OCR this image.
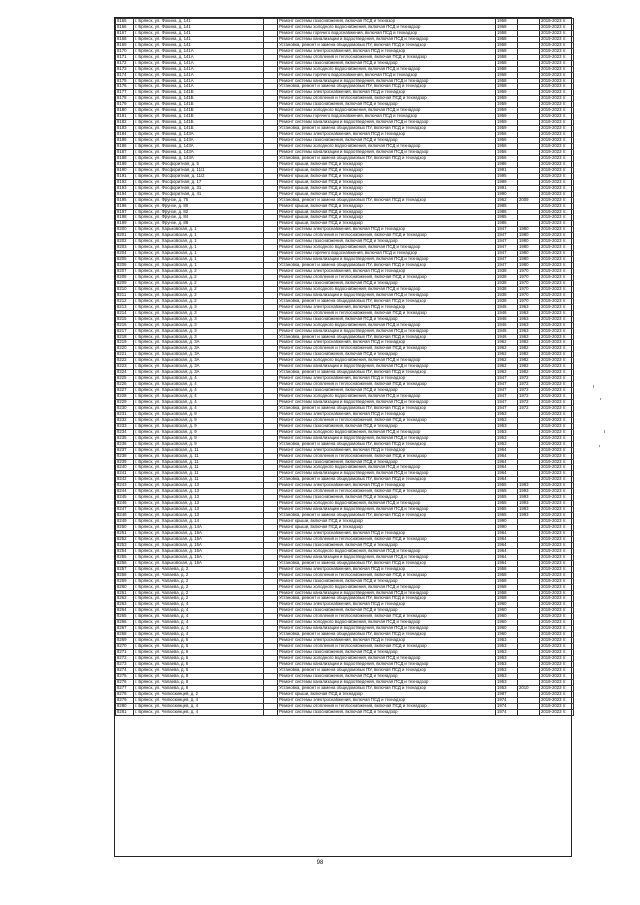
8165	г. Брянск, ул. Фокина, д. 141		Ремонт системы газоснабжения, включая ПСД и техназор	1958		2019-2023 гг.
8166	г. Брянск, ул. Фокина, д. 141		Ремонт системы холодного водоснабжения, включая ПСД и технадзор	1958		2019-2023 гг.
8167	г. Брянск, ул. Фокина, д. 141		Ремонт системы горячего водоснабжения, включая ПСД и технадзор	1958		2019-2023 гг.
8168	г. Брянск, ул. Фокина, д. 141		Ремонт системы канализации и водоотведения, включая ПСД и технадзор	1958		2019-2023 гг.
8169	г. Брянск, ул. Фокина, д. 141		Установка, ремонт и замена общедомовых ПУ, включая ПСД и технадзор	1958		2019-2023 гг.
8170	г. Брянск, ул. Фокина, д. 141А		Ремонт системы электроснабжения, включая ПСД и технадзор	1958		2019-2023 гг.
8171	г. Брянск, ул. Фокина, д. 141А		Ремонт системы отопления и теплоснабжения, включая ПСД и технадзор	1958		2019-2023 гг.
8172	г. Брянск, ул. Фокина, д. 141А		Ремонт системы газоснабжения, включая ПСД и технадзор	1958		2019-2023 гг.
8173	г. Брянск, ул. Фокина, д. 141А		Ремонт системы холодного водоснабжения, включая ПСД и технадзор	1958		2019-2023 гг.
8174	г. Брянск, ул. Фокина, д. 141А		Ремонт системы горячего водоснабжения, включая ПСД и технадзор	1958		2019-2023 гг.
8175	г. Брянск, ул. Фокина, д. 141А		Ремонт системы канализации и водоотведения, включая ПСД и технадзор	1958		2019-2023 гг.
8176	г. Брянск, ул. Фокина, д. 141А		Установка, ремонт и замена общедомовых ПУ, включая ПСД и технадзор	1958		2019-2023 гг.
8177	г. Брянск, ул. Фокина, д. 141Б		Ремонт системы электроснабжения, включая ПСД и технадзор	1959		2019-2023 гг.
8178	г. Брянск, ул. Фокина, д. 141Б		Ремонт системы отопления и теплоснабжения, включая ПСД и технадзор	1959		2019-2023 гг.
8179	г. Брянск, ул. Фокина, д. 141Б		Ремонт системы газоснабжения, включая ПСД и технадзор	1959		2019-2023 гг.
8180	г. Брянск, ул. Фокина, д. 141Б		Ремонт системы холодного водоснабжения, включая ПСД и технадзор	1959		2019-2023 гг.
8181	г. Брянск, ул. Фокина, д. 141Б		Ремонт системы горячего водоснабжения, включая ПСД и технадзор	1959		2019-2023 гг.
8182	г. Брянск, ул. Фокина, д. 141Б		Ремонт системы канализации и водоотведения, включая ПСД и технадзор	1959		2019-2023 гг.
8183	г. Брянск, ул. Фокина, д. 141Б		Установка, ремонт и замена общедомовых ПУ, включая ПСД и технадзор	1959		2019-2023 гг.
8184	г. Брянск, ул. Фокина, д. 143А		Ремонт системы электроснабжения, включая ПСД и технадзор	1956		2019-2023 гг.
8185	г. Брянск, ул. Фокина, д. 143А		Ремонт системы газоснабжения, включая ПСД и технадзор	1956		2019-2023 гг.
8186	г. Брянск, ул. Фокина, д. 143А		Ремонт системы холодного водоснабжения, включая ПСД и технадзор	1956		2019-2023 гг.
8187	г. Брянск, ул. Фокина, д. 143А		Ремонт системы канализации и водоотведения, включая ПСД и технадзор	1956		2019-2023 гг.
8188	г. Брянск, ул. Фокина, д. 143А		Установка, ремонт и замена общедомовых ПУ, включая ПСД и технадзор	1956		2019-2023 гг.
8189	г. Брянск, ул. Фосфоритная, д. 5		Ремонт крыши, включая ПСД и технадзор	1986		2019-2023 гг.
8190	г. Брянск, ул. Фосфоритная, д. 11/1		Ремонт крыши, включая ПСД и технадзор	1991		2019-2023 гг.
8191	г. Брянск, ул. Фосфоритная, д. 11/2		Ремонт крыши, включая ПСД и технадзор	1995		2019-2023 гг.
8192	г. Брянск, ул. Фосфоритная, д. 17		Ремонт крыши, включая ПСД и технадзор	1989		2019-2023 гг.
8193	г. Брянск, ул. Фосфоритная, д. 31		Ремонт крыши, включая ПСД и технадзор	1991		2019-2023 гг.
8194	г. Брянск, ул. Фосфоритная, д. 41		Ремонт крыши, включая ПСД и технадзор	1990		2019-2023 гг.
8195	г. Брянск, ул. Фрунзе, д. 76		Установка, ремонт и замена общедомовых ПУ, включая ПСД и технадзор	1962	2009	2019-2023 гг.
8196	г. Брянск, ул. Фрунзе, д. 80		Ремонт крыши, включая ПСД и технадзор	1985		2019-2023 гг.
8197	г. Брянск, ул. Фрунзе, д. 82		Ремонт крыши, включая ПСД и технадзор	1986		2019-2023 гг.
8198	г. Брянск, ул. Фрунзе, д. 84		Ремонт крыши, включая ПСД и технадзор	1985		2019-2023 гг.
8199	г. Брянск, ул. Фрунзе, д. 88		Ремонт крыши, включая ПСД и технадзор	1986		2019-2023 гг.
8200	г. Брянск, ул. Харьковская, д. 1		Ремонт системы электроснабжения, включая ПСД и технадзор	1947	1980	2019-2023 гг.
8201	г. Брянск, ул. Харьковская, д. 1		Ремонт системы отопления и теплоснабжения, включая ПСД и технадзор	1947	1980	2019-2023 гг.
8202	г. Брянск, ул. Харьковская, д. 1		Ремонт системы газоснабжения, включая ПСД и технадзор	1947	1980	2019-2023 гг.
8203	г. Брянск, ул. Харьковская, д. 1		Ремонт системы холодного водоснабжения, включая ПСД и технадзор	1947	1980	2019-2023 гг.
8204	г. Брянск, ул. Харьковская, д. 1		Ремонт системы горячего водоснабжения, включая ПСД и технадзор	1947	1980	2019-2023 гг.
8205	г. Брянск, ул. Харьковская, д. 1		Ремонт системы канализации и водоотведения, включая ПСД и технадзор	1947	1980	2019-2023 гг.
8206	г. Брянск, ул. Харьковская, д. 1		Установка, ремонт и замена общедомовых ПУ, включая ПСД и технадзор	1947	1980	2019-2023 гг.
8207	г. Брянск, ул. Харьковская, д. 2		Ремонт системы электроснабжения, включая ПСД и технадзор	1938	1970	2019-2023 гг.
8208	г. Брянск, ул. Харьковская, д. 2		Ремонт системы отопления и теплоснабжения, включая ПСД и технадзор	1938	1970	2019-2023 гг.
8209	г. Брянск, ул. Харьковская, д. 2		Ремонт системы газоснабжения, включая ПСД и технадзор	1938	1970	2019-2023 гг.
8210	г. Брянск, ул. Харьковская, д. 2		Ремонт системы холодного водоснабжения, включая ПСД и технадзор	1938	1970	2019-2023 гг.
8211	г. Брянск, ул. Харьковская, д. 2		Ремонт системы канализации и водоотведения, включая ПСД и технадзор	1938	1970	2019-2023 гг.
8212	г. Брянск, ул. Харьковская, д. 2		Установка, ремонт и замена общедомовых ПУ, включая ПСД и технадзор	1938	1970	2019-2023 гг.
8213	г. Брянск, ул. Харьковская, д. 3		Ремонт системы электроснабжения, включая ПСД и технадзор	1946	1963	2019-2023 гг.
8214	г. Брянск, ул. Харьковская, д. 3		Ремонт системы отопления и теплоснабжения, включая ПСД и технадзор	1946	1963	2019-2023 гг.
8215	г. Брянск, ул. Харьковская, д. 3		Ремонт системы газоснабжения, включая ПСД и технадзор	1946	1963	2019-2023 гг.
8216	г. Брянск, ул. Харьковская, д. 3		Ремонт системы холодного водоснабжения, включая ПСД и технадзор	1946	1963	2019-2023 гг.
8217	г. Брянск, ул. Харьковская, д. 3		Ремонт системы канализации и водоотведения, включая ПСД и технадзор	1946	1963	2019-2023 гг.
8218	г. Брянск, ул. Харьковская, д. 3		Установка, ремонт и замена общедомовых ПУ, включая ПСД и технадзор	1946	1963	2019-2023 гг.
8219	г. Брянск, ул. Харьковская, д. 3А		Ремонт системы электроснабжения, включая ПСД и технадзор	1962	1982	2019-2023 гг.
8220	г. Брянск, ул. Харьковская, д. 3А		Ремонт системы отопления и теплоснабжения, включая ПСД и технадзор	1962	1982	2019-2023 гг.
8221	г. Брянск, ул. Харьковская, д. 3А		Ремонт системы газоснабжения, включая ПСД и технадзор	1962	1982	2019-2023 гг.
8222	г. Брянск, ул. Харьковская, д. 3А		Ремонт системы холодного водоснабжения, включая ПСД и технадзор	1962	1982	2019-2023 гг.
8223	г. Брянск, ул. Харьковская, д. 3А		Ремонт системы канализации и водоотведения, включая ПСД и технадзор	1962	1982	2019-2023 гг.
8224	г. Брянск, ул. Харьковская, д. 3А		Установка, ремонт и замена общедомовых ПУ, включая ПСД и технадзор	1962	1982	2019-2023 гг.
8225	г. Брянск, ул. Харьковская, д. 4		Ремонт системы электроснабжения, включая ПСД и технадзор	1947	1972	2019-2023 гг.
8226	г. Брянск, ул. Харьковская, д. 4		Ремонт системы отопления и теплоснабжения, включая ПСД и технадзор	1947	1972	2019-2023 гг.
8227	г. Брянск, ул. Харьковская, д. 4		Ремонт системы газоснабжения, включая ПСД и технадзор	1947	1972	2019-2023 гг.
8228	г. Брянск, ул. Харьковская, д. 4		Ремонт системы холодного водоснабжения, включая ПСД и технадзор	1947	1972	2019-2023 гг.
8229	г. Брянск, ул. Харьковская, д. 4		Ремонт системы канализации и водоотведения, включая ПСД и технадзор	1947	1972	2019-2023 гг.
8230	г. Брянск, ул. Харьковская, д. 4		Установка, ремонт и замена общедомовых ПУ, включая ПСД и технадзор	1947	1972	2019-2023 гг.
8231	г. Брянск, ул. Харьковская, д. 9		Ремонт системы электроснабжения, включая ПСД и технадзор	1953		2019-2023 гг.
8232	г. Брянск, ул. Харьковская, д. 9		Ремонт системы отопления и теплоснабжения, включая ПСД и технадзор	1953		2019-2023 гг.
8233	г. Брянск, ул. Харьковская, д. 9		Ремонт системы газоснабжения, включая ПСД и технадзор	1953		2019-2023 гг.
8234	г. Брянск, ул. Харьковская, д. 9		Ремонт системы холодного водоснабжения, включая ПСД и технадзор	1953		2019-2023 гг.
8235	г. Брянск, ул. Харьковская, д. 9		Ремонт системы канализации и водоотведения, включая ПСД и технадзор	1953		2019-2023 гг.
8236	г. Брянск, ул. Харьковская, д. 9		Установка, ремонт и замена общедомовых ПУ, включая ПСД и технадзор	1953		2019-2023 гг.
8237	г. Брянск, ул. Харьковская, д. 11		Ремонт системы электроснабжения, включая ПСД и технадзор	1964		2019-2023 гг.
8238	г. Брянск, ул. Харьковская, д. 11		Ремонт системы отопления и теплоснабжения, включая ПСД и технадзор	1964		2019-2023 гг.
8239	г. Брянск, ул. Харьковская, д. 11		Ремонт системы газоснабжения, включая ПСД и технадзор	1964		2019-2023 гг.
8240	г. Брянск, ул. Харьковская, д. 11		Ремонт системы холодного водоснабжения, включая ПСД и технадзор	1964		2019-2023 гг.
8241	г. Брянск, ул. Харьковская, д. 11		Ремонт системы канализации и водоотведения, включая ПСД и технадзор	1964		2019-2023 гг.
8242	г. Брянск, ул. Харьковская, д. 11		Установка, ремонт и замена общедомовых ПУ, включая ПСД и технадзор	1964		2019-2023 гг.
8243	г. Брянск, ул. Харьковская, д. 13		Ремонт системы электроснабжения, включая ПСД и технадзор	1955	1993	2019-2023 гг.
8244	г. Брянск, ул. Харьковская, д. 13		Ремонт системы отопления и теплоснабжения, включая ПСД и технадзор	1955	1993	2019-2023 гг.
8245	г. Брянск, ул. Харьковская, д. 13		Ремонт системы газоснабжения, включая ПСД и технадзор	1955	1993	2019-2023 гг.
8246	г. Брянск, ул. Харьковская, д. 13		Ремонт системы холодного водоснабжения, включая ПСД и технадзор	1955	1993	2019-2023 гг.
8247	г. Брянск, ул. Харьковская, д. 13		Ремонт системы канализации и водоотведения, включая ПСД и технадзор	1955	1993	2019-2023 гг.
8248	г. Брянск, ул. Харьковская, д. 13		Установка, ремонт и замена общедомовых ПУ, включая ПСД и технадзор	1955	1993	2019-2023 гг.
8249	г. Брянск, ул. Харьковская, д. 14		Ремонт крыши, включая ПСД и технадзор	1990		2019-2023 гг.
8250	г. Брянск, ул. Харьковская, д. 14А		Ремонт крыши, включая ПСД и технадзор	1990		2019-2023 гг.
8251	г. Брянск, ул. Харьковская, д. 15А		Ремонт системы электроснабжения, включая ПСД и технадзор	1964		2019-2023 гг.
8252	г. Брянск, ул. Харьковская, д. 15А		Ремонт системы отопления и теплоснабжения, включая ПСД и технадзор	1964		2019-2023 гг.
8253	г. Брянск, ул. Харьковская, д. 15А		Ремонт системы газоснабжения, включая ПСД и технадзор	1964		2019-2023 гг.
8254	г. Брянск, ул. Харьковская, д. 15А		Ремонт системы холодного водоснабжения, включая ПСД и технадзор	1964		2019-2023 гг.
8255	г. Брянск, ул. Харьковская, д. 15А		Ремонт системы канализации и водоотведения, включая ПСД и технадзор	1964		2019-2023 гг.
8256	г. Брянск, ул. Харьковская, д. 15А		Установка, ремонт и замена общедомовых ПУ, включая ПСД и технадзор	1964		2019-2023 гг.
8257	г. Брянск, ул. Чапаева, д. 2		Ремонт системы электроснабжения, включая ПСД и технадзор	1958		2019-2023 гг.
8258	г. Брянск, ул. Чапаева, д. 2		Ремонт системы отопления и теплоснабжения, включая ПСД и технадзор	1958		2019-2023 гг.
8259	г. Брянск, ул. Чапаева, д. 2		Ремонт системы газоснабжения, включая ПСД и технадзор	1958		2019-2023 гг.
8260	г. Брянск, ул. Чапаева, д. 2		Ремонт системы холодного водоснабжения, включая ПСД и технадзор	1958		2019-2023 гг.
8261	г. Брянск, ул. Чапаева, д. 2		Ремонт системы канализации и водоотведения, включая ПСД и технадзор	1958		2019-2023 гг.
8262	г. Брянск, ул. Чапаева, д. 2		Установка, ремонт и замена общедомовых ПУ, включая ПСД и технадзор	1958		2019-2023 гг.
8263	г. Брянск, ул. Чапаева, д. 4		Ремонт системы электроснабжения, включая ПСД и технадзор	1960		2019-2023 гг.
8264	г. Брянск, ул. Чапаева, д. 4		Ремонт системы газоснабжения, включая ПСД и технадзор	1960		2019-2023 гг.
8265	г. Брянск, ул. Чапаева, д. 4		Ремонт системы отопления и теплоснабжения, включая ПСД и технадзор	1960		2019-2023 гг.
8266	г. Брянск, ул. Чапаева, д. 4		Ремонт системы холодного водоснабжения, включая ПСД и технадзор	1960		2019-2023 гг.
8267	г. Брянск, ул. Чапаева, д. 4		Ремонт системы канализации и водоотведения, включая ПСД и технадзор	1960		2019-2023 гг.
8268	г. Брянск, ул. Чапаева, д. 4		Установка, ремонт и замена общедомовых ПУ, включая ПСД и технадзор	1960		2019-2023 гг.
8269	г. Брянск, ул. Чапаева, д. 6		Ремонт системы электроснабжения, включая ПСД и технадзор	1953		2019-2023 гг.
8270	г. Брянск, ул. Чапаева, д. 6		Ремонт системы отопления и теплоснабжения, включая ПСД и технадзор	1953		2019-2023 гг.
8271	г. Брянск, ул. Чапаева, д. 6		Ремонт системы газоснабжения, включая ПСД и технадзор	1953		2019-2023 гг.
8272	г. Брянск, ул. Чапаева, д. 6		Ремонт системы холодного водоснабжения, включая ПСД и технадзор	1953		2019-2023 гг.
8273	г. Брянск, ул. Чапаева, д. 6		Ремонт системы канализации и водоотведения, включая ПСД и технадзор	1953		2019-2023 гг.
8274	г. Брянск, ул. Чапаева, д. 6		Установка, ремонт и замена общедомовых ПУ, включая ПСД и технадзор	1953		2019-2023 гг.
8275	г. Брянск, ул. Чапаева, д. 8		Ремонт системы газоснабжения, включая ПСД и технадзор	1953		2019-2023 гг.
8276	г. Брянск, ул. Чапаева, д. 8		Ремонт системы канализации и водоотведения, включая ПСД и технадзор	1953		2019-2023 гг.
8277	г. Брянск, ул. Чапаева, д. 8		Установка, ремонт и замена общедомовых ПУ, включая ПСД и технадзор	1953	2010	2019-2023 гг.
8278	г. Брянск, ул. Челюскинцев, д. 2		Ремонт крыши, включая ПСД и технадзор	1987		2019-2023 гг.
8279	г. Брянск, ул. Челюскинцев, д. 4		Ремонт системы электроснабжения, включая ПСД и технадзор	1974		2019-2023 гг.
8280	г. Брянск, ул. Челюскинцев, д. 4		Ремонт системы отопления и теплоснабжения, включая ПСД и технадзор	1974		2019-2023 гг.
8281	г. Брянск, ул. Челюскинцев, д. 4		Ремонт системы газоснабжения, включая ПСД и технадзор	1974		2019-2023 гг.
98
